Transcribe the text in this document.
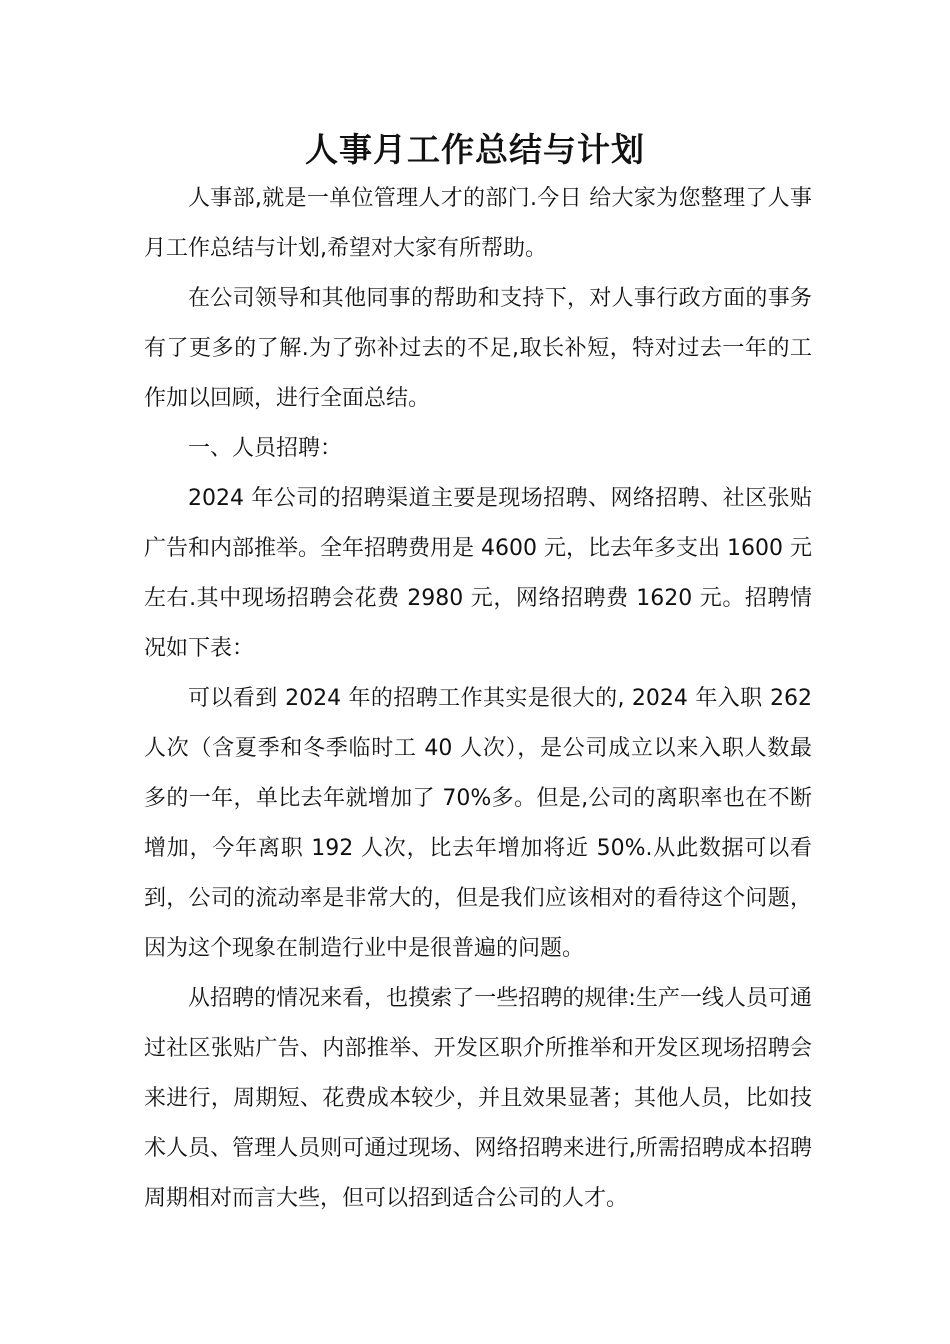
人事月工作总结与计划

人事部,就是一单位管理人才的部门.今日 给大家为您整理了人事月工作总结与计划,希望对大家有所帮助。

在公司领导和其他同事的帮助和支持下，对人事行政方面的事务有了更多的了解.为了弥补过去的不足,取长补短，特对过去一年的工作加以回顾，进行全面总结。

一、人员招聘：

2024 年公司的招聘渠道主要是现场招聘、网络招聘、社区张贴广告和内部推举。全年招聘费用是 4600 元，比去年多支出 1600 元左右.其中现场招聘会花费 2980 元，网络招聘费 1620 元。招聘情况如下表：

可以看到 2024 年的招聘工作其实是很大的, 2024 年入职 262 人次（含夏季和冬季临时工 40 人次），是公司成立以来入职人数最多的一年，单比去年就增加了 70%多。但是,公司的离职率也在不断增加，今年离职 192 人次，比去年增加将近 50%.从此数据可以看到，公司的流动率是非常大的，但是我们应该相对的看待这个问题，因为这个现象在制造行业中是很普遍的问题。

从招聘的情况来看，也摸索了一些招聘的规律:生产一线人员可通过社区张贴广告、内部推举、开发区职介所推举和开发区现场招聘会来进行，周期短、花费成本较少，并且效果显著；其他人员，比如技术人员、管理人员则可通过现场、网络招聘来进行,所需招聘成本招聘周期相对而言大些，但可以招到适合公司的人才。
